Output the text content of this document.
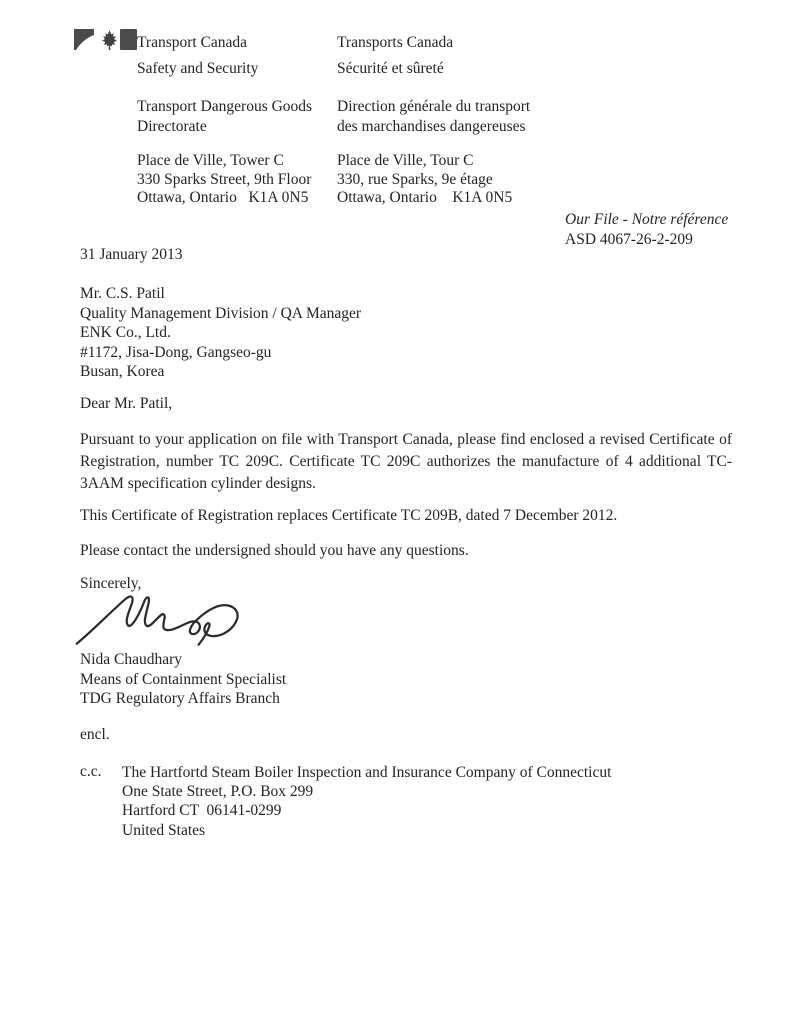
Transport Canada	Transports Canada
Safety and Security	Sécurité et sûreté
Transport Dangerous Goods
Directorate
Direction générale du transport
des marchandises dangereuses
Place de Ville, Tower C
330 Sparks Street, 9th Floor
Ottawa, Ontario   K1A 0N5
Place de Ville, Tour C
330, rue Sparks, 9e étage
Ottawa, Ontario    K1A 0N5
Our File - Notre référence
ASD 4067-26-2-209
31 January 2013
Mr. C.S. Patil
Quality Management Division / QA Manager
ENK Co., Ltd.
#1172, Jisa-Dong, Gangseo-gu
Busan, Korea
Dear Mr. Patil,
Pursuant to your application on file with Transport Canada, please find enclosed a revised Certificate of Registration, number TC 209C. Certificate TC 209C authorizes the manufacture of 4 additional TC-3AAM specification cylinder designs.
This Certificate of Registration replaces Certificate TC 209B, dated 7 December 2012.
Please contact the undersigned should you have any questions.
Sincerely,
Nida Chaudhary
Means of Containment Specialist
TDG Regulatory Affairs Branch
encl.
c.c. The Hartfortd Steam Boiler Inspection and Insurance Company of Connecticut
One State Street, P.O. Box 299
Hartford CT  06141-0299
United States
